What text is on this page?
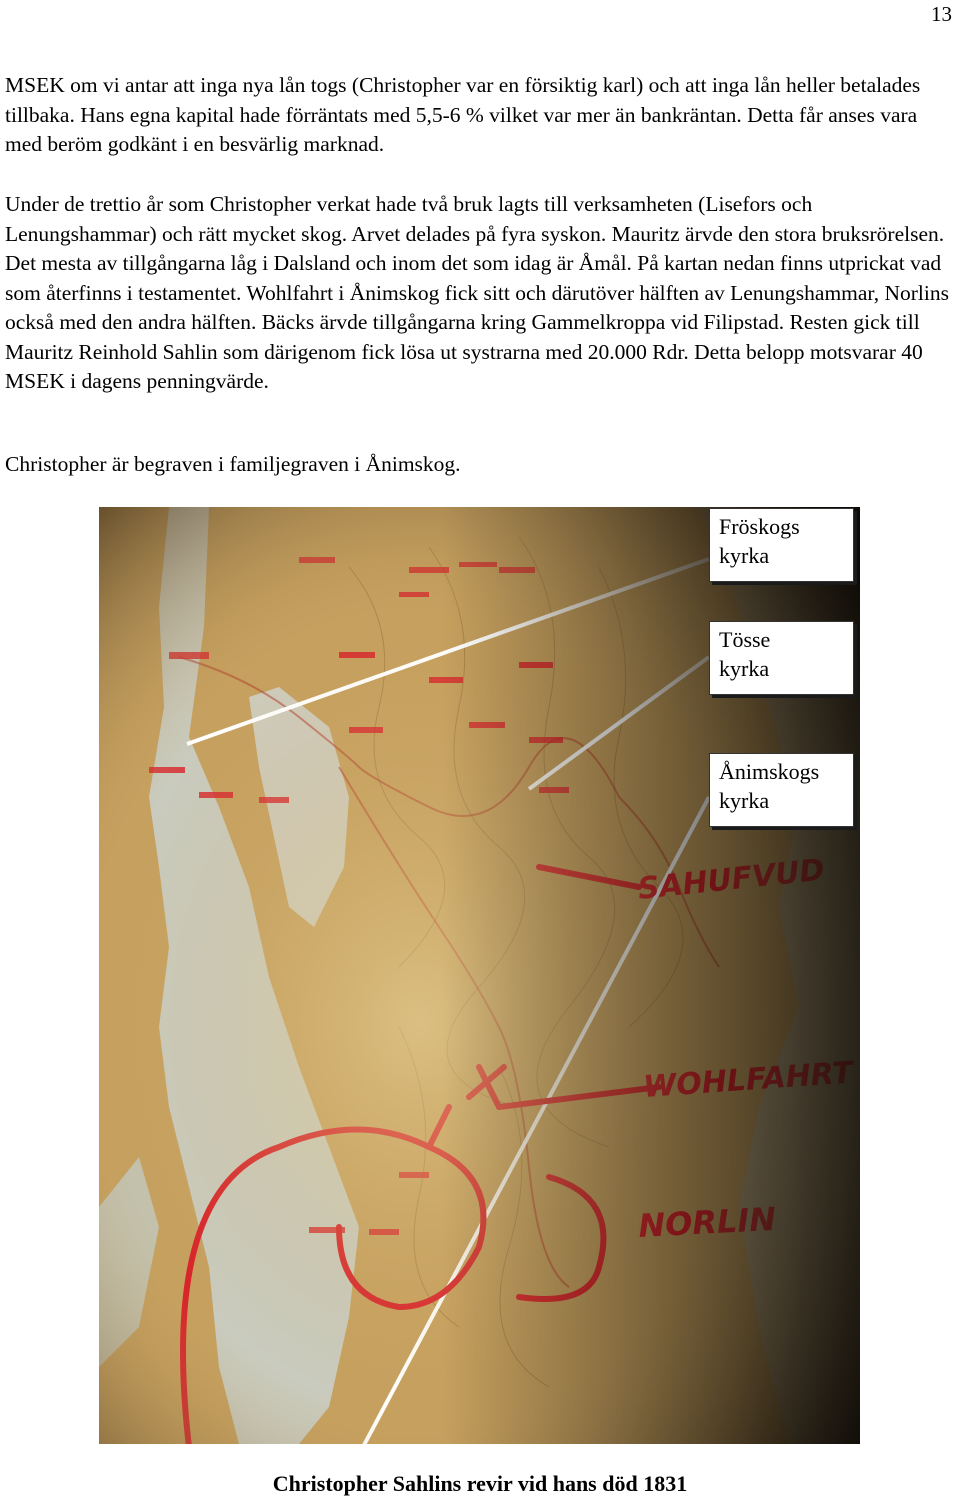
13

MSEK om vi antar att inga nya lån togs (Christopher var en försiktig karl) och att inga lån heller betalades tillbaka. Hans egna kapital hade förräntats med 5,5-6 % vilket var mer än bankräntan. Detta får anses vara med beröm godkänt i en besvärlig marknad.

Under de trettio år som Christopher verkat hade två bruk lagts till verksamheten (Lisefors och Lenungshammar) och rätt mycket skog. Arvet delades på fyra syskon. Mauritz ärvde den stora bruksrörelsen. Det mesta av tillgångarna låg i Dalsland och inom det som idag är Åmål. På kartan nedan finns utprickat vad som återfinns i testamentet. Wohlfahrt i Ånimskog fick sitt och därutöver hälften av Lenungshammar, Norlins också med den andra hälften. Bäcks ärvde tillgångarna kring Gammelkroppa vid Filipstad. Resten gick till Mauritz Reinhold Sahlin som därigenom fick lösa ut systrarna med 20.000 Rdr. Detta belopp motsvarar 40 MSEK i dagens penningvärde.

Christopher är begraven i familjegraven i Ånimskog.

Fröskogs
kyrka
Tösse
kyrka
Ånimskogs
kyrka
Christopher Sahlins revir vid hans död 1831
